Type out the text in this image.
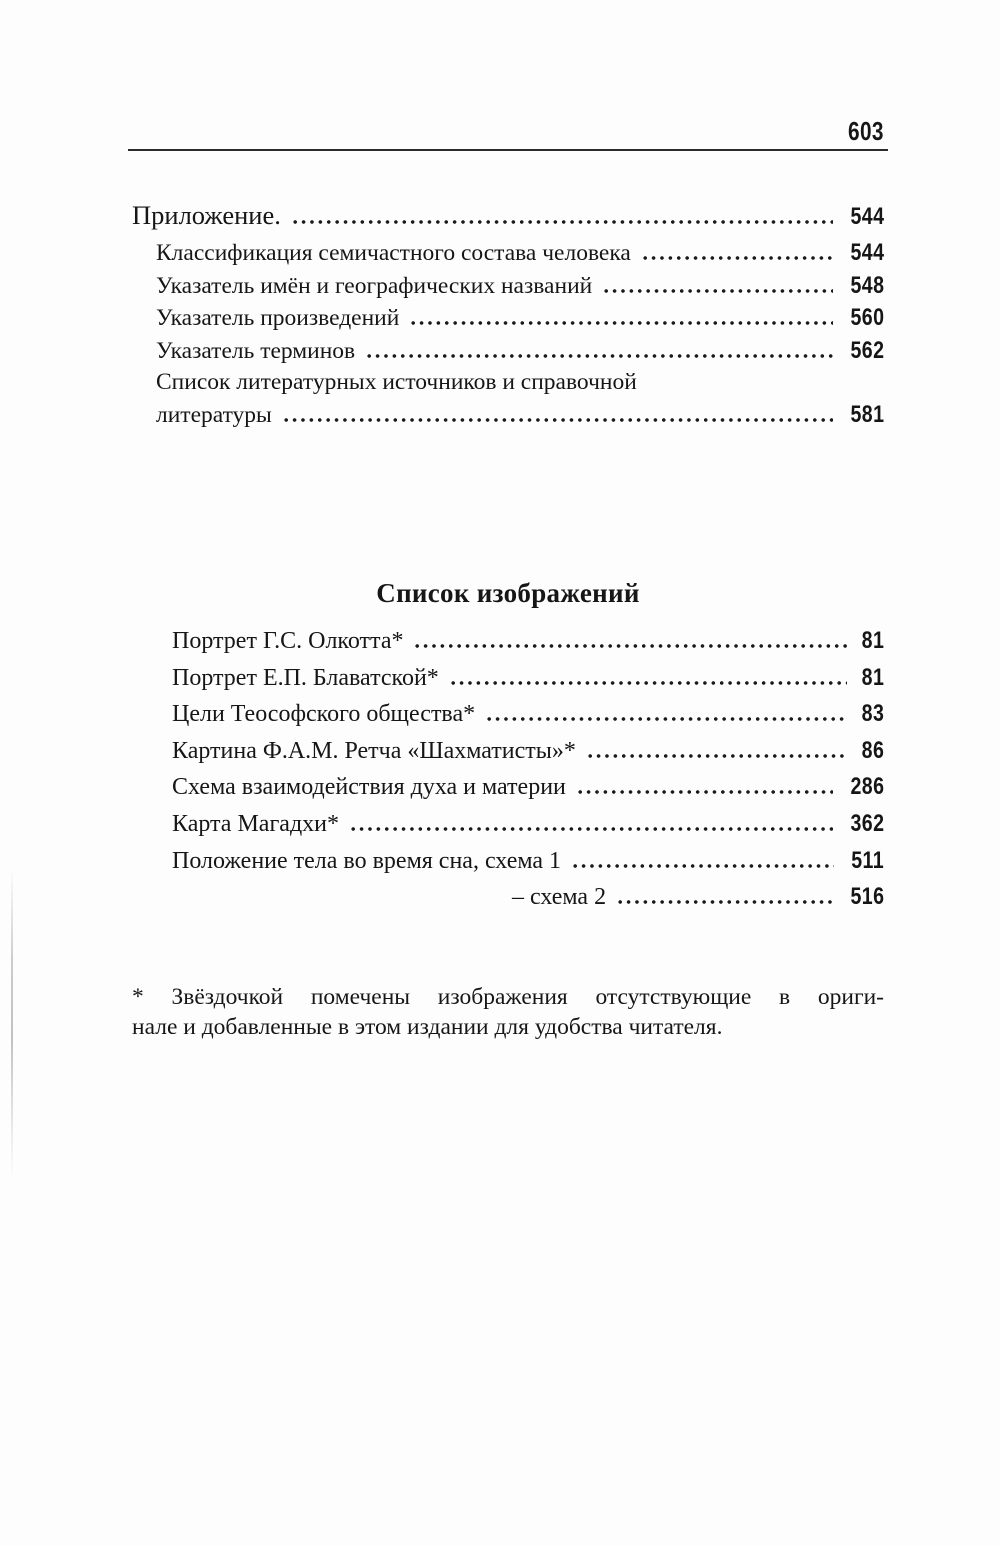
603
Приложение.	544
Классификация семичастного состава человека	544
Указатель имён и географических названий	548
Указатель произведений	560
Указатель терминов	562
Список литературных источников и справочной
литературы	581
Список изображений
Портрет Г.С. Олкотта*	81
Портрет Е.П. Блаватской*	81
Цели Теософского общества*	83
Картина Ф.А.М. Ретча «Шахматисты»*	86
Схема взаимодействия духа и материи	286
Карта Магадхи*	362
Положение тела во время сна, схема 1	511
– схема 2	516
* Звёздочкой помечены изображения отсутствующие в ориги-
нале и добавленные в этом издании для удобства читателя.
